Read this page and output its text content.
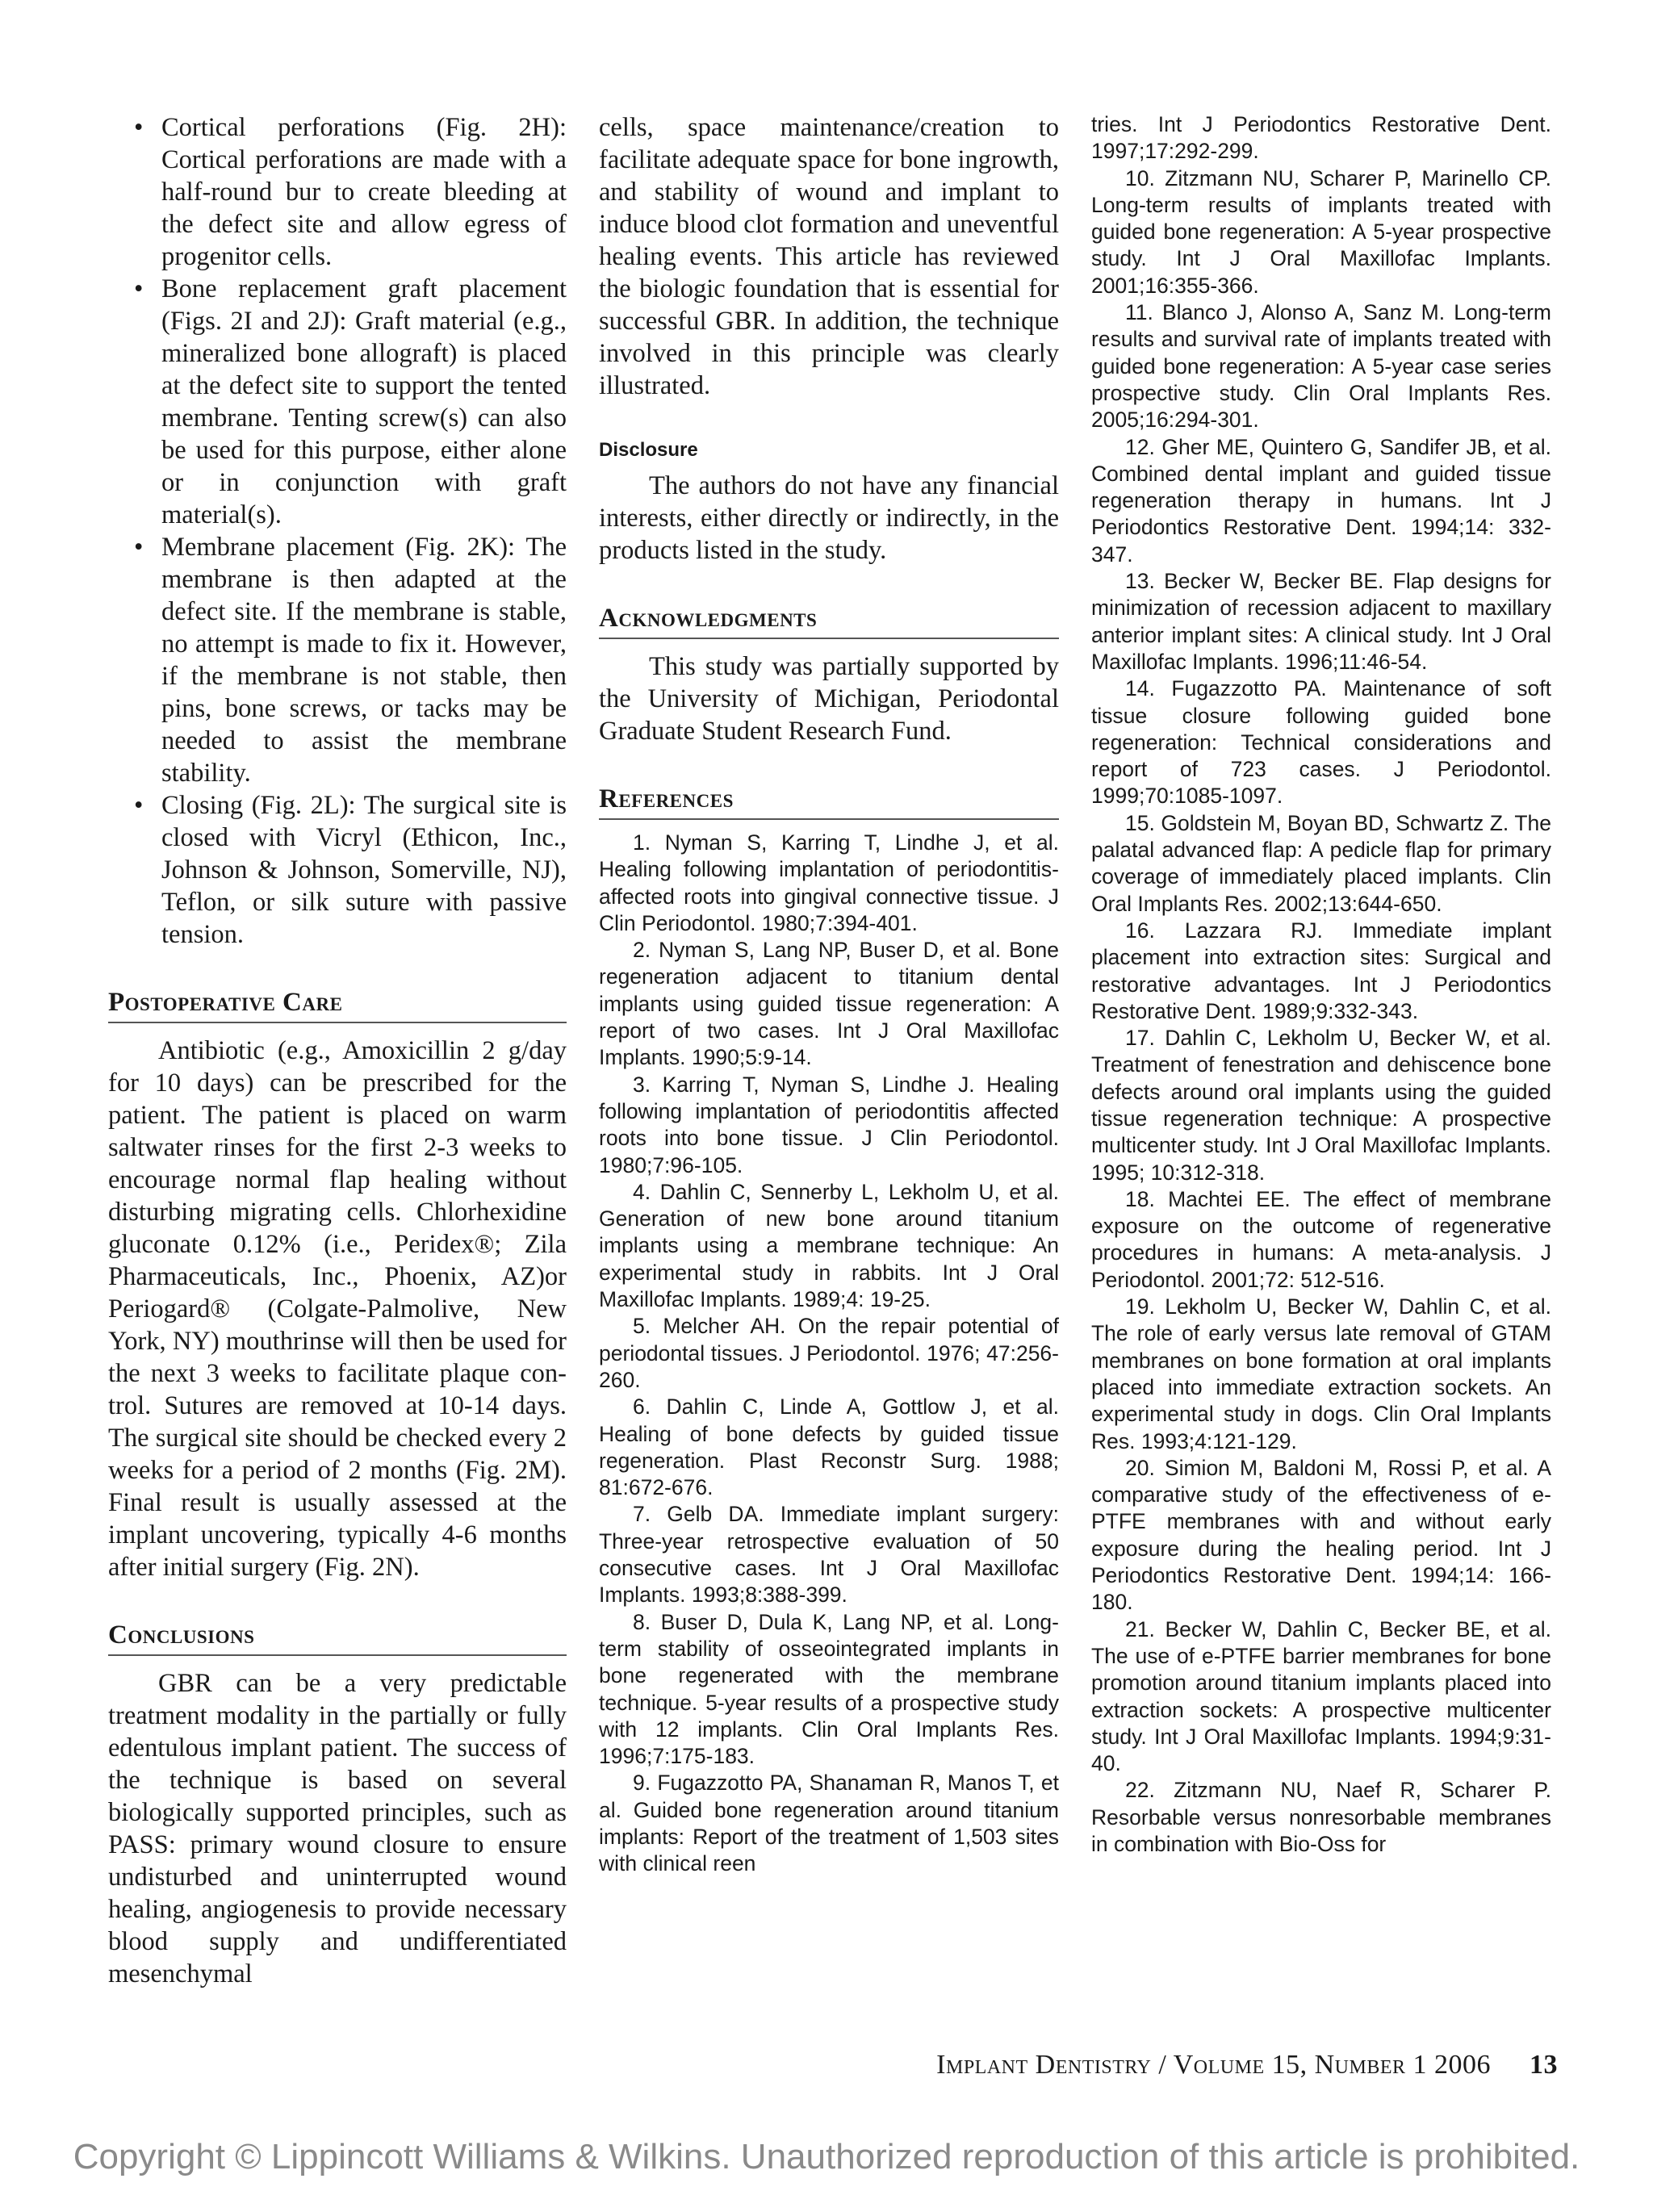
• Cortical perforations (Fig. 2H): Cortical perforations are made with a half-round bur to create bleeding at the defect site and allow egress of progenitor cells.
• Bone replacement graft placement (Figs. 2I and 2J): Graft material (e.g., mineralized bone allograft) is placed at the defect site to support the tented membrane. Tenting screw(s) can also be used for this purpose, either alone or in conjunction with graft material(s).
• Membrane placement (Fig. 2K): The membrane is then adapted at the defect site. If the membrane is stable, no attempt is made to fix it. However, if the membrane is not stable, then pins, bone screws, or tacks may be needed to assist the membrane stability.
• Closing (Fig. 2L): The surgical site is closed with Vicryl (Ethicon, Inc., Johnson & Johnson, Somerville, NJ), Teflon, or silk suture with passive tension.
Postoperative Care

Antibiotic (e.g., Amoxicillin 2 g/day for 10 days) can be prescribed for the patient. The patient is placed on warm saltwater rinses for the first 2-3 weeks to encourage normal flap healing without disturbing migrating cells. Chlorhexidine gluconate 0.12% (i.e., Peridex®; Zila Pharmaceuticals, Inc., Phoenix, AZ)or Periogard® (Colgate-Palmolive, New York, NY) mouthrinse will then be used for the next 3 weeks to facilitate plaque control. Sutures are removed at 10-14 days. The surgical site should be checked every 2 weeks for a period of 2 months (Fig. 2M). Final result is usually assessed at the implant uncovering, typically 4-6 months after initial surgery (Fig. 2N).

Conclusions

GBR can be a very predictable treatment modality in the partially or fully edentulous implant patient. The success of the technique is based on several biologically supported principles, such as PASS: primary wound closure to ensure undisturbed and uninterrupted wound healing, angiogenesis to provide necessary blood supply and undifferentiated mesenchymal

cells, space maintenance/creation to facilitate adequate space for bone ingrowth, and stability of wound and implant to induce blood clot formation and uneventful healing events. This article has reviewed the biologic foundation that is essential for successful GBR. In addition, the technique involved in this principle was clearly illustrated.

Disclosure

The authors do not have any financial interests, either directly or indirectly, in the products listed in the study.

Acknowledgments

This study was partially supported by the University of Michigan, Periodontal Graduate Student Research Fund.

References

1. Nyman S, Karring T, Lindhe J, et al. Healing following implantation of periodontitis-affected roots into gingival connective tissue. J Clin Periodontol. 1980;7:394-401.

2. Nyman S, Lang NP, Buser D, et al. Bone regeneration adjacent to titanium dental implants using guided tissue regeneration: A report of two cases. Int J Oral Maxillofac Implants. 1990;5:9-14.

3. Karring T, Nyman S, Lindhe J. Healing following implantation of periodontitis affected roots into bone tissue. J Clin Periodontol. 1980;7:96-105.

4. Dahlin C, Sennerby L, Lekholm U, et al. Generation of new bone around titanium implants using a membrane technique: An experimental study in rabbits. Int J Oral Maxillofac Implants. 1989;4: 19-25.

5. Melcher AH. On the repair potential of periodontal tissues. J Periodontol. 1976; 47:256-260.

6. Dahlin C, Linde A, Gottlow J, et al. Healing of bone defects by guided tissue regeneration. Plast Reconstr Surg. 1988; 81:672-676.

7. Gelb DA. Immediate implant surgery: Three-year retrospective evaluation of 50 consecutive cases. Int J Oral Maxillofac Implants. 1993;8:388-399.

8. Buser D, Dula K, Lang NP, et al. Long-term stability of osseointegrated implants in bone regenerated with the membrane technique. 5-year results of a prospective study with 12 implants. Clin Oral Implants Res. 1996;7:175-183.

9. Fugazzotto PA, Shanaman R, Manos T, et al. Guided bone regeneration around titanium implants: Report of the treatment of 1,503 sites with clinical reen

tries. Int J Periodontics Restorative Dent. 1997;17:292-299.

10. Zitzmann NU, Scharer P, Marinello CP. Long-term results of implants treated with guided bone regeneration: A 5-year prospective study. Int J Oral Maxillofac Implants. 2001;16:355-366.

11. Blanco J, Alonso A, Sanz M. Long-term results and survival rate of implants treated with guided bone regeneration: A 5-year case series prospective study. Clin Oral Implants Res. 2005;16:294-301.

12. Gher ME, Quintero G, Sandifer JB, et al. Combined dental implant and guided tissue regeneration therapy in humans. Int J Periodontics Restorative Dent. 1994;14: 332-347.

13. Becker W, Becker BE. Flap designs for minimization of recession adjacent to maxillary anterior implant sites: A clinical study. Int J Oral Maxillofac Implants. 1996;11:46-54.

14. Fugazzotto PA. Maintenance of soft tissue closure following guided bone regeneration: Technical considerations and report of 723 cases. J Periodontol. 1999;70:1085-1097.

15. Goldstein M, Boyan BD, Schwartz Z. The palatal advanced flap: A pedicle flap for primary coverage of immediately placed implants. Clin Oral Implants Res. 2002;13:644-650.

16. Lazzara RJ. Immediate implant placement into extraction sites: Surgical and restorative advantages. Int J Periodontics Restorative Dent. 1989;9:332-343.

17. Dahlin C, Lekholm U, Becker W, et al. Treatment of fenestration and dehiscence bone defects around oral implants using the guided tissue regeneration technique: A prospective multicenter study. Int J Oral Maxillofac Implants. 1995; 10:312-318.

18. Machtei EE. The effect of membrane exposure on the outcome of regenerative procedures in humans: A meta-analysis. J Periodontol. 2001;72: 512-516.

19. Lekholm U, Becker W, Dahlin C, et al. The role of early versus late removal of GTAM membranes on bone formation at oral implants placed into immediate extraction sockets. An experimental study in dogs. Clin Oral Implants Res. 1993;4:121-129.

20. Simion M, Baldoni M, Rossi P, et al. A comparative study of the effectiveness of e-PTFE membranes with and without early exposure during the healing period. Int J Periodontics Restorative Dent. 1994;14: 166-180.

21. Becker W, Dahlin C, Becker BE, et al. The use of e-PTFE barrier membranes for bone promotion around titanium implants placed into extraction sockets: A prospective multicenter study. Int J Oral Maxillofac Implants. 1994;9:31-40.

22. Zitzmann NU, Naef R, Scharer P. Resorbable versus nonresorbable membranes in combination with Bio-Oss for

Implant Dentistry / Volume 15, Number 1 2006 13
Copyright © Lippincott Williams & Wilkins. Unauthorized reproduction of this article is prohibited.
